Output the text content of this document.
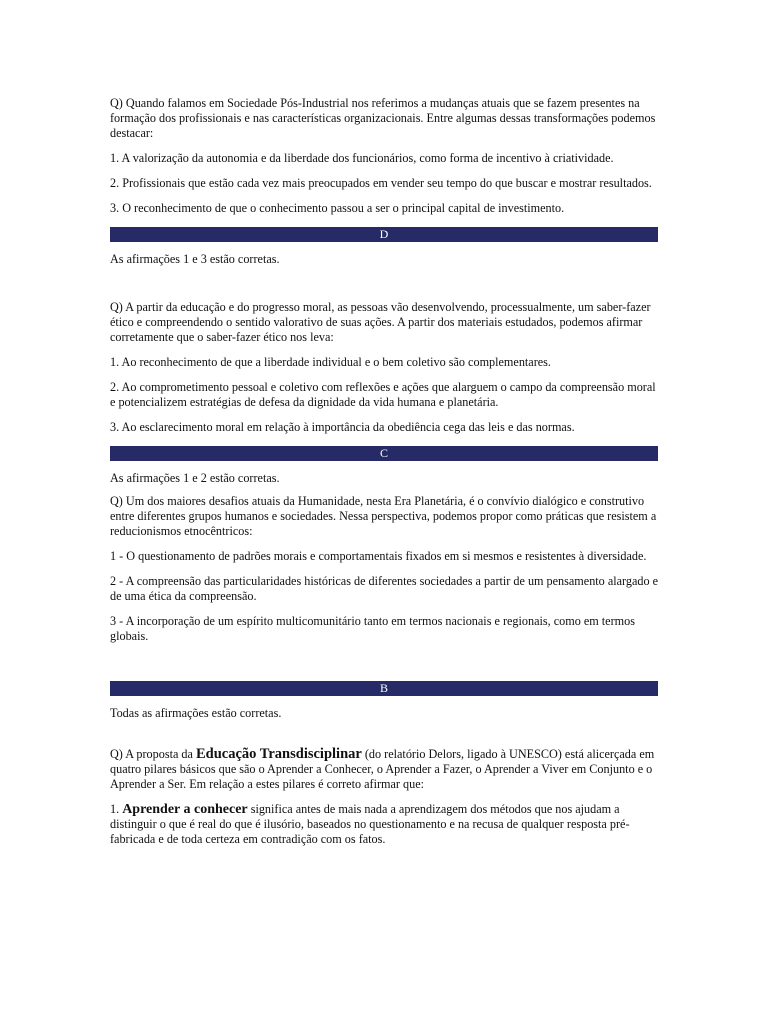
Q) Quando falamos em Sociedade Pós-Industrial nos referimos a mudanças atuais que se fazem presentes na formação dos profissionais e nas características organizacionais. Entre algumas dessas transformações podemos destacar:

1. A valorização da autonomia e da liberdade dos funcionários, como forma de incentivo à criatividade.

2. Profissionais que estão cada vez mais preocupados em vender seu tempo do que buscar e mostrar resultados.

3. O reconhecimento de que o conhecimento passou a ser o principal capital de investimento.

D

As afirmações 1 e 3 estão corretas.

Q) A partir da educação e do progresso moral, as pessoas vão desenvolvendo, processualmente, um saber-fazer ético e compreendendo o sentido valorativo de suas ações. A partir dos materiais estudados, podemos afirmar corretamente que o saber-fazer ético nos leva:

1. Ao reconhecimento de que a liberdade individual e o bem coletivo são complementares.

2. Ao comprometimento pessoal e coletivo com reflexões e ações que alarguem o campo da compreensão moral e potencializem estratégias de defesa da dignidade da vida humana e planetária.

3. Ao esclarecimento moral em relação à importância da obediência cega das leis e das normas.

C

As afirmações 1 e 2 estão corretas.

Q) Um dos maiores desafios atuais da Humanidade, nesta Era Planetária, é o convívio dialógico e construtivo entre diferentes grupos humanos e sociedades. Nessa perspectiva, podemos propor como práticas que resistem a reducionismos etnocêntricos:

1 - O questionamento de padrões morais e comportamentais fixados em si mesmos e resistentes à diversidade.

2 - A compreensão das particularidades históricas de diferentes sociedades a partir de um pensamento alargado e de uma ética da compreensão.

3 - A incorporação de um espírito multicomunitário tanto em termos nacionais e regionais, como em termos globais.

B

Todas as afirmações estão corretas.

Q) A proposta da Educação Transdisciplinar (do relatório Delors, ligado à UNESCO) está alicerçada em quatro pilares básicos que são o Aprender a Conhecer, o Aprender a Fazer, o Aprender a Viver em Conjunto e o Aprender a Ser. Em relação a estes pilares é correto afirmar que:

1. Aprender a conhecer significa antes de mais nada a aprendizagem dos métodos que nos ajudam a distinguir o que é real do que é ilusório, baseados no questionamento e na recusa de qualquer resposta pré-fabricada e de toda certeza em contradição com os fatos.
